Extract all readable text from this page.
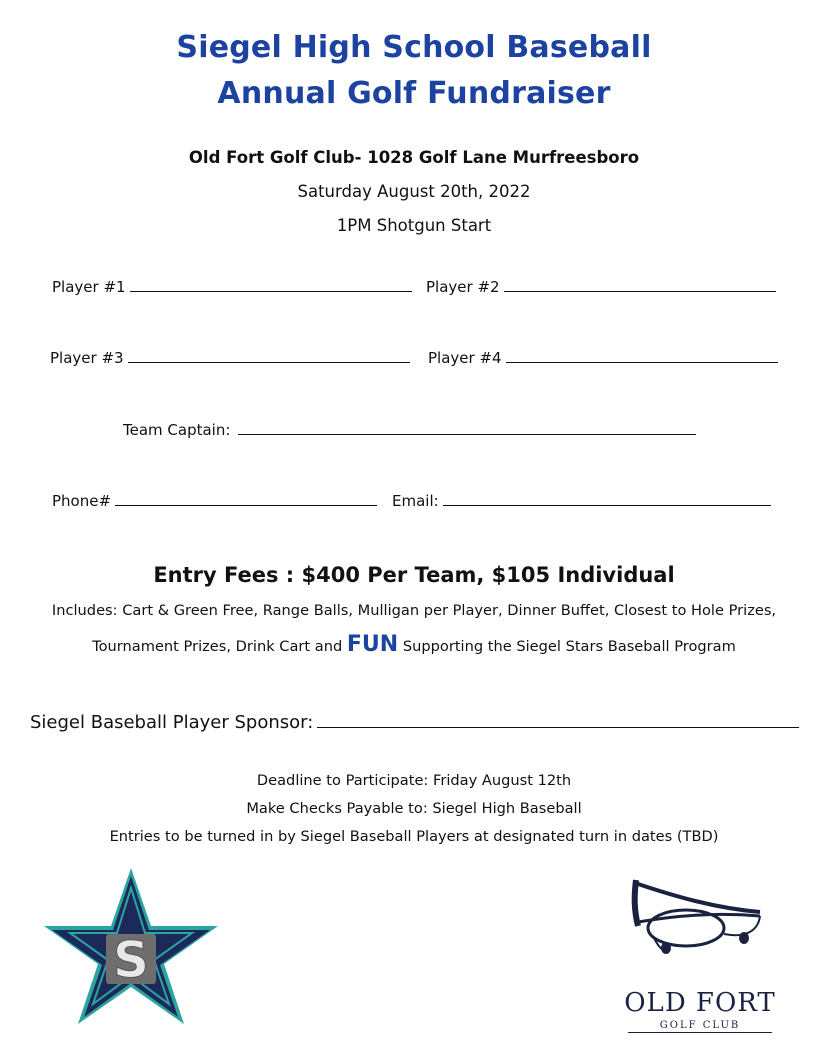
Siegel High School Baseball
Annual Golf Fundraiser
Old Fort Golf Club- 1028 Golf Lane Murfreesboro
Saturday August 20th, 2022
1PM Shotgun Start
Player #1	Player #2
Player #3	Player #4
Team Captain:
Phone#	Email:
Entry Fees : $400 Per Team, $105 Individual
Includes: Cart & Green Free, Range Balls, Mulligan per Player, Dinner Buffet, Closest to Hole Prizes,
Tournament Prizes, Drink Cart and FUN Supporting the Siegel Stars Baseball Program
Siegel Baseball Player Sponsor:
Deadline to Participate: Friday August 12th
Make Checks Payable to: Siegel High Baseball
Entries to be turned in by Siegel Baseball Players at designated turn in dates (TBD)
S
OLD FORT
GOLF CLUB
